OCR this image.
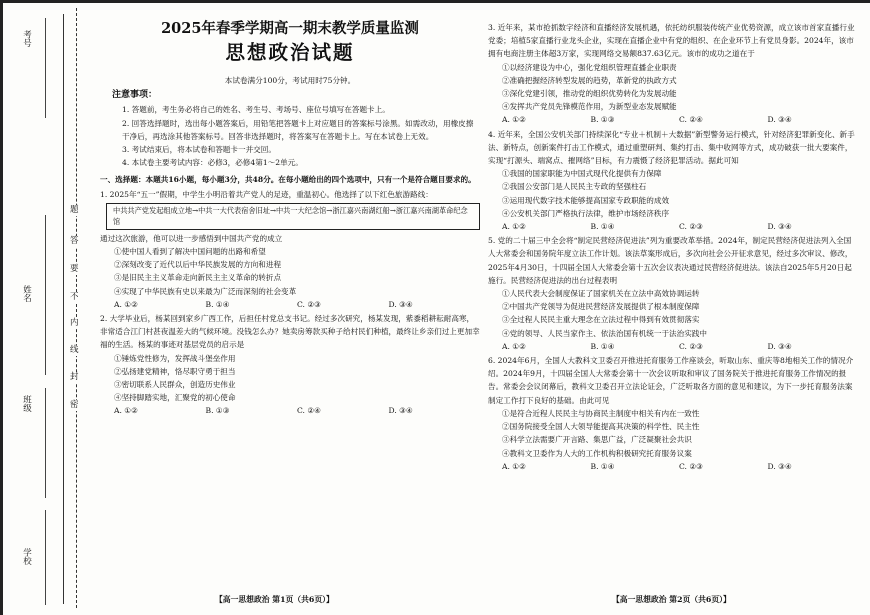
考号
姓名
班级
学校
题
答
要
不
内
线
封
密
2025年春季学期高一期末教学质量监测
思想政治试题
本试卷满分100分，考试用时75分钟。
注意事项：
1. 答题前，考生务必将自己的姓名、考生号、考场号、座位号填写在答题卡上。
2. 回答选择题时，选出每小题答案后，用铅笔把答题卡上对应题目的答案标号涂黑。如需改动，用橡皮擦干净后，再选涂其他答案标号。回答非选择题时，将答案写在答题卡上。写在本试卷上无效。
3. 考试结束后，将本试卷和答题卡一并交回。
4. 本试卷主要考试内容：必修3，必修4第1～2单元。
一、选择题：本题共16小题，每小题3分，共48分。在每小题给出的四个选项中，只有一个是符合题目要求的。
1. 2025年“五一”假期，中学生小明沿着共产党人的足迹，重温初心。他选择了以下红色旅游路线：
中共共产党发起组成立地→中共一大代表宿舍旧址→中共一大纪念馆→浙江嘉兴南湖红船→浙江嘉兴南湖革命纪念馆
通过这次旅游，他可以进一步感悟到中国共产党的成立
①使中国人看到了解决中国问题的出路和希望
②深刻改变了近代以后中华民族发展的方向和进程
③是旧民主主义革命走向新民主主义革命的转折点
④实现了中华民族有史以来最为广泛而深刻的社会变革
A. ①②	B. ①④	C. ②③	D. ③④
2. 大学毕业后，杨某回到家乡广西工作，后担任村党总支书记。经过多次研究，杨某发现，紫黍稻耕耘耐高寒，非常适合江门村甚夜温差大的气候环境。没钱怎么办？她卖房筹款买种子给村民们种植，最终让乡亲们过上更加幸福的生活。杨某的事迹对基层党员的启示是
①锤炼党性修为，发挥战斗堡垒作用
②弘扬建党精神，恪尽职守勇于担当
③密切联系人民群众，创造历史伟业
④坚持脚踏实地，汇聚党的初心使命
A. ①②	B. ①③	C. ②④	D. ③④
3. 近年来，某市抢抓数字经济和直播经济发展机遇，依托纺织服装传统产业优势资源，成立该市首家直播行业党委；培植5家直播行业龙头企业，实现在直播企业中有党的组织、在企业环节上有党员身影。2024年，该市拥有电商注册主体超3万家，实现网络交易额837.63亿元。该市的成功之道在于
①以经济建设为中心，强化党组织管理直播企业职责
②准确把握经济转型发展的趋势，革新党的执政方式
③深化党建引领，推动党的组织优势转化为发展动能
④发挥共产党员先锋模范作用，为新型业态发展赋能
A. ①②	B. ①③	C. ②④	D. ③④
4. 近年来，全国公安机关部门持续深化“专业＋机制＋大数据”新型警务运行模式，针对经济犯罪新变化、新手法、新特点，创新案件打击工作模式，通过重塑研判、集约打击、集中收网等方式，成功破获一批大要案件，实现“打源头、端窝点、摧网络”目标，有力震慑了经济犯罪活动。据此可知
①我国的国家职能为中国式现代化提供有力保障
②我国公安部门是人民民主专政的坚强柱石
③运用现代数字技术能够提高国家专政职能的成效
④公安机关部门严格执行法律，维护市场经济秩序
A. ①②	B. ①④	C. ②③	D. ③④
5. 党的二十届三中全会将“制定民营经济促进法”列为重要改革举措。2024年，制定民营经济促进法列入全国人大常委会和国务院年度立法工作计划。该法草案形成后，多次向社会公开征求意见，经过多次审议、修改，2025年4月30日，十四届全国人大常委会第十五次会议表决通过民营经济促进法。该法自2025年5月20日起施行。民营经济促进法的出台过程表明
①人民代表大会制度保证了国家机关在立法中高效协调运转
②中国共产党领导为促进民营经济发展提供了根本制度保障
③全过程人民民主重大理念在立法过程中得到有效贯彻落实
④党的领导、人民当家作主、依法治国有机统一于法治实践中
A. ①②	B. ①④	C. ②③	D. ③④
6. 2024年6月，全国人大教科文卫委召开推进托育服务工作座谈会，听取山东、重庆等8地相关工作的情况介绍。2024年9月，十四届全国人大常委会第十一次会议听取和审议了国务院关于推进托育服务工作情况的报告。常委会会议闭幕后，教科文卫委召开立法论证会，广泛听取各方面的意见和建议，为下一步托育服务法案制定工作打下良好的基础。由此可见
①是符合近程人民民主与协商民主制度中相关有内在一致性
②国务院接受全国人大领导能提高其决策的科学性、民主性
③科学立法需要广开言路、集思广益，广泛凝聚社会共识
④教科文卫委作为人大的工作机构积极研究托育服务议案
A. ①②	B. ①④	C. ②③	D. ③④
【高一思想政治 第1页（共6页）】	【高一思想政治 第2页（共6页）】
